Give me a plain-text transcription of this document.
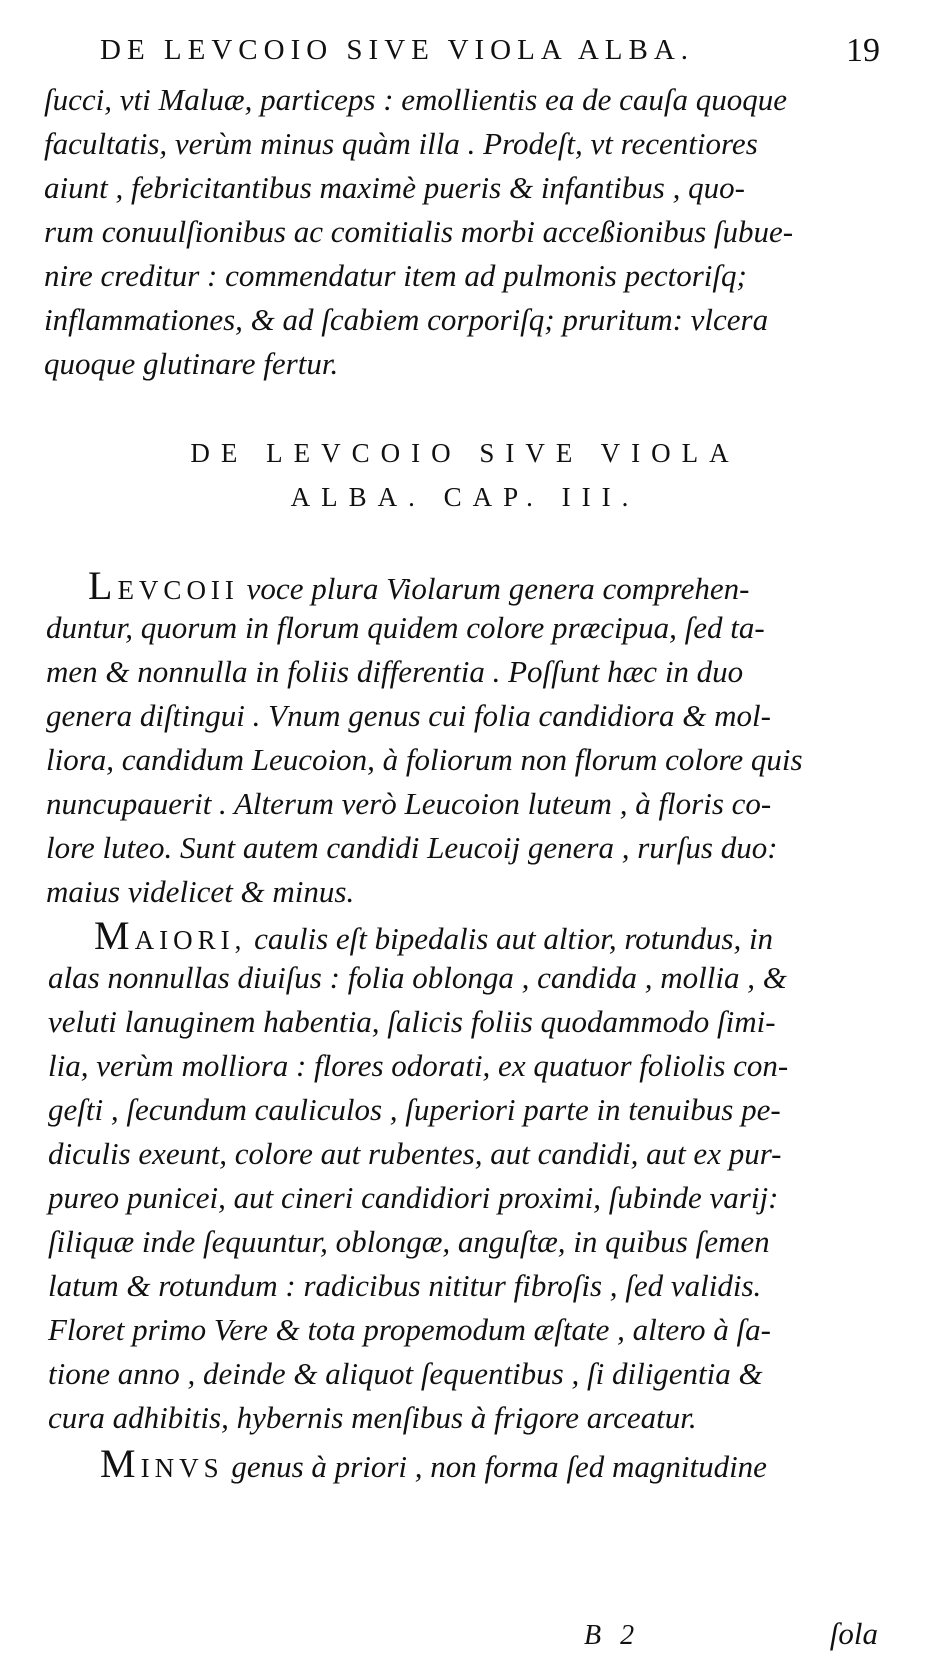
DE LEVCOIO SIVE VIOLA ALBA.	19
ſucci, vti Maluæ, particeps : emollientis ea de cauſa quoque
facultatis, verùm minus quàm illa . Prodeſt, vt recentiores
aiunt , febricitantibus maximè pueris & infantibus , quo-
rum conuulſionibus ac comitialis morbi acceßionibus ſubue-
nire creditur : commendatur item ad pulmonis pectoriſq;
inflammationes, & ad ſcabiem corporiſq; pruritum: vlcera
quoque glutinare fertur.
DE LEVCOIO SIVE VIOLA
ALBA. CAP. III.
LEVCOII voce plura Violarum genera comprehen-
duntur, quorum in florum quidem colore præcipua, ſed ta-
men & nonnulla in foliis differentia . Poſſunt hæc in duo
genera diſtingui . Vnum genus cui folia candidiora & mol-
liora, candidum Leucoion, à foliorum non florum colore quis
nuncupauerit . Alterum verò Leucoion luteum , à floris co-
lore luteo. Sunt autem candidi Leucoij genera , rurſus duo:
maius videlicet & minus.
MAIORI, caulis eſt bipedalis aut altior, rotundus, in
alas nonnullas diuiſus : folia oblonga , candida , mollia , &
veluti lanuginem habentia, ſalicis foliis quodammodo ſimi-
lia, verùm molliora : flores odorati, ex quatuor foliolis con-
geſti , ſecundum cauliculos , ſuperiori parte in tenuibus pe-
diculis exeunt, colore aut rubentes, aut candidi, aut ex pur-
pureo punicei, aut cineri candidiori proximi, ſubinde varij:
ſiliquæ inde ſequuntur, oblongæ, anguſtæ, in quibus ſemen
latum & rotundum : radicibus nititur fibroſis , ſed validis.
Floret primo Vere & tota propemodum æſtate , altero à ſa-
tione anno , deinde & aliquot ſequentibus , ſi diligentia &
cura adhibitis, hybernis menſibus à frigore arceatur.
MINVS genus à priori , non forma ſed magnitudine
B 2	ſola
